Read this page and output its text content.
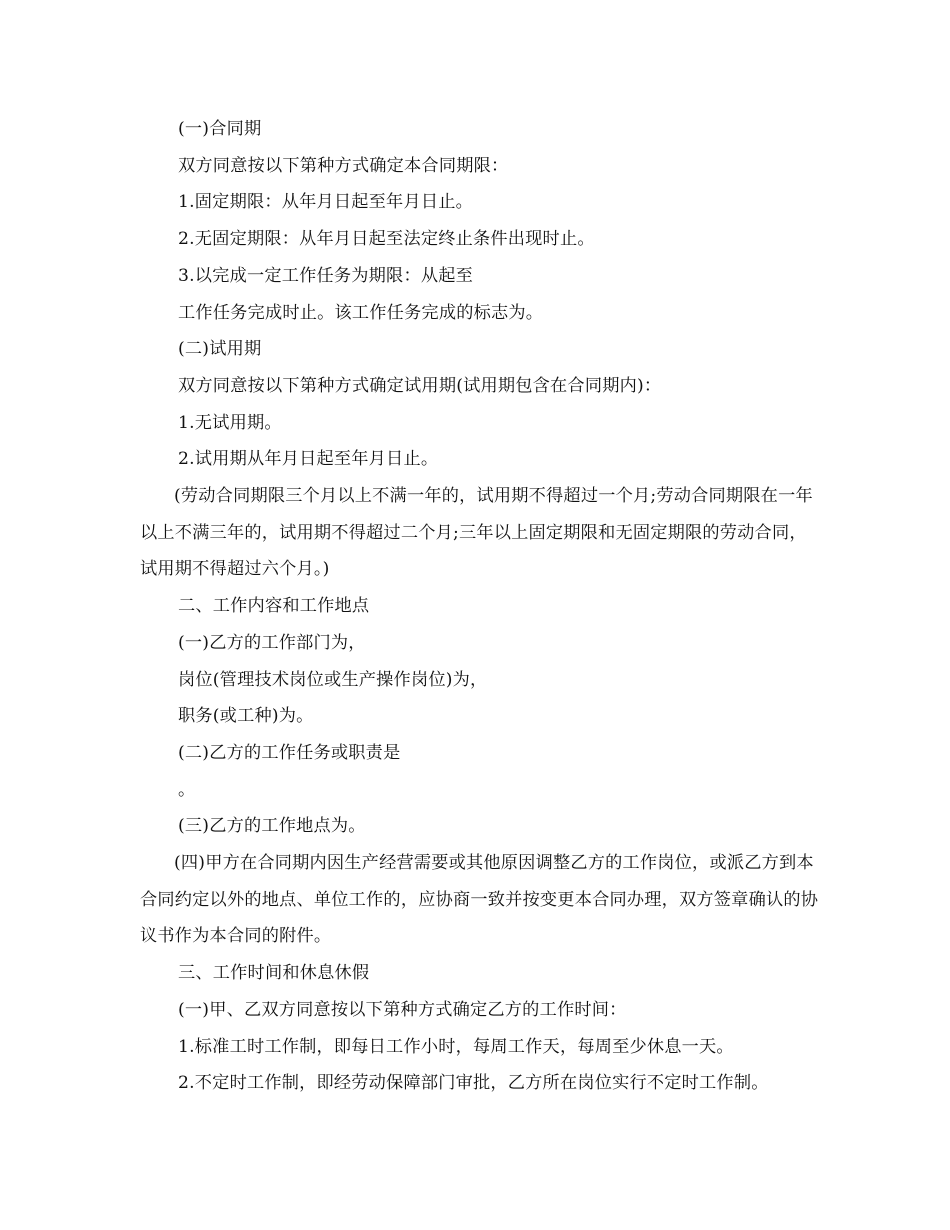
(一)合同期

双方同意按以下第种方式确定本合同期限：

1.固定期限：从年月日起至年月日止。

2.无固定期限：从年月日起至法定终止条件出现时止。

3.以完成一定工作任务为期限：从起至

工作任务完成时止。该工作任务完成的标志为。

(二)试用期

双方同意按以下第种方式确定试用期(试用期包含在合同期内)：

1.无试用期。

2.试用期从年月日起至年月日止。

(劳动合同期限三个月以上不满一年的，试用期不得超过一个月;劳动合同期限在一年以上不满三年的，试用期不得超过二个月;三年以上固定期限和无固定期限的劳动合同，试用期不得超过六个月。)

二、工作内容和工作地点

(一)乙方的工作部门为，

岗位(管理技术岗位或生产操作岗位)为，

职务(或工种)为。

(二)乙方的工作任务或职责是

。

(三)乙方的工作地点为。

(四)甲方在合同期内因生产经营需要或其他原因调整乙方的工作岗位，或派乙方到本合同约定以外的地点、单位工作的，应协商一致并按变更本合同办理，双方签章确认的协议书作为本合同的附件。

三、工作时间和休息休假

(一)甲、乙双方同意按以下第种方式确定乙方的工作时间：

1.标准工时工作制，即每日工作小时，每周工作天，每周至少休息一天。

2.不定时工作制，即经劳动保障部门审批，乙方所在岗位实行不定时工作制。
